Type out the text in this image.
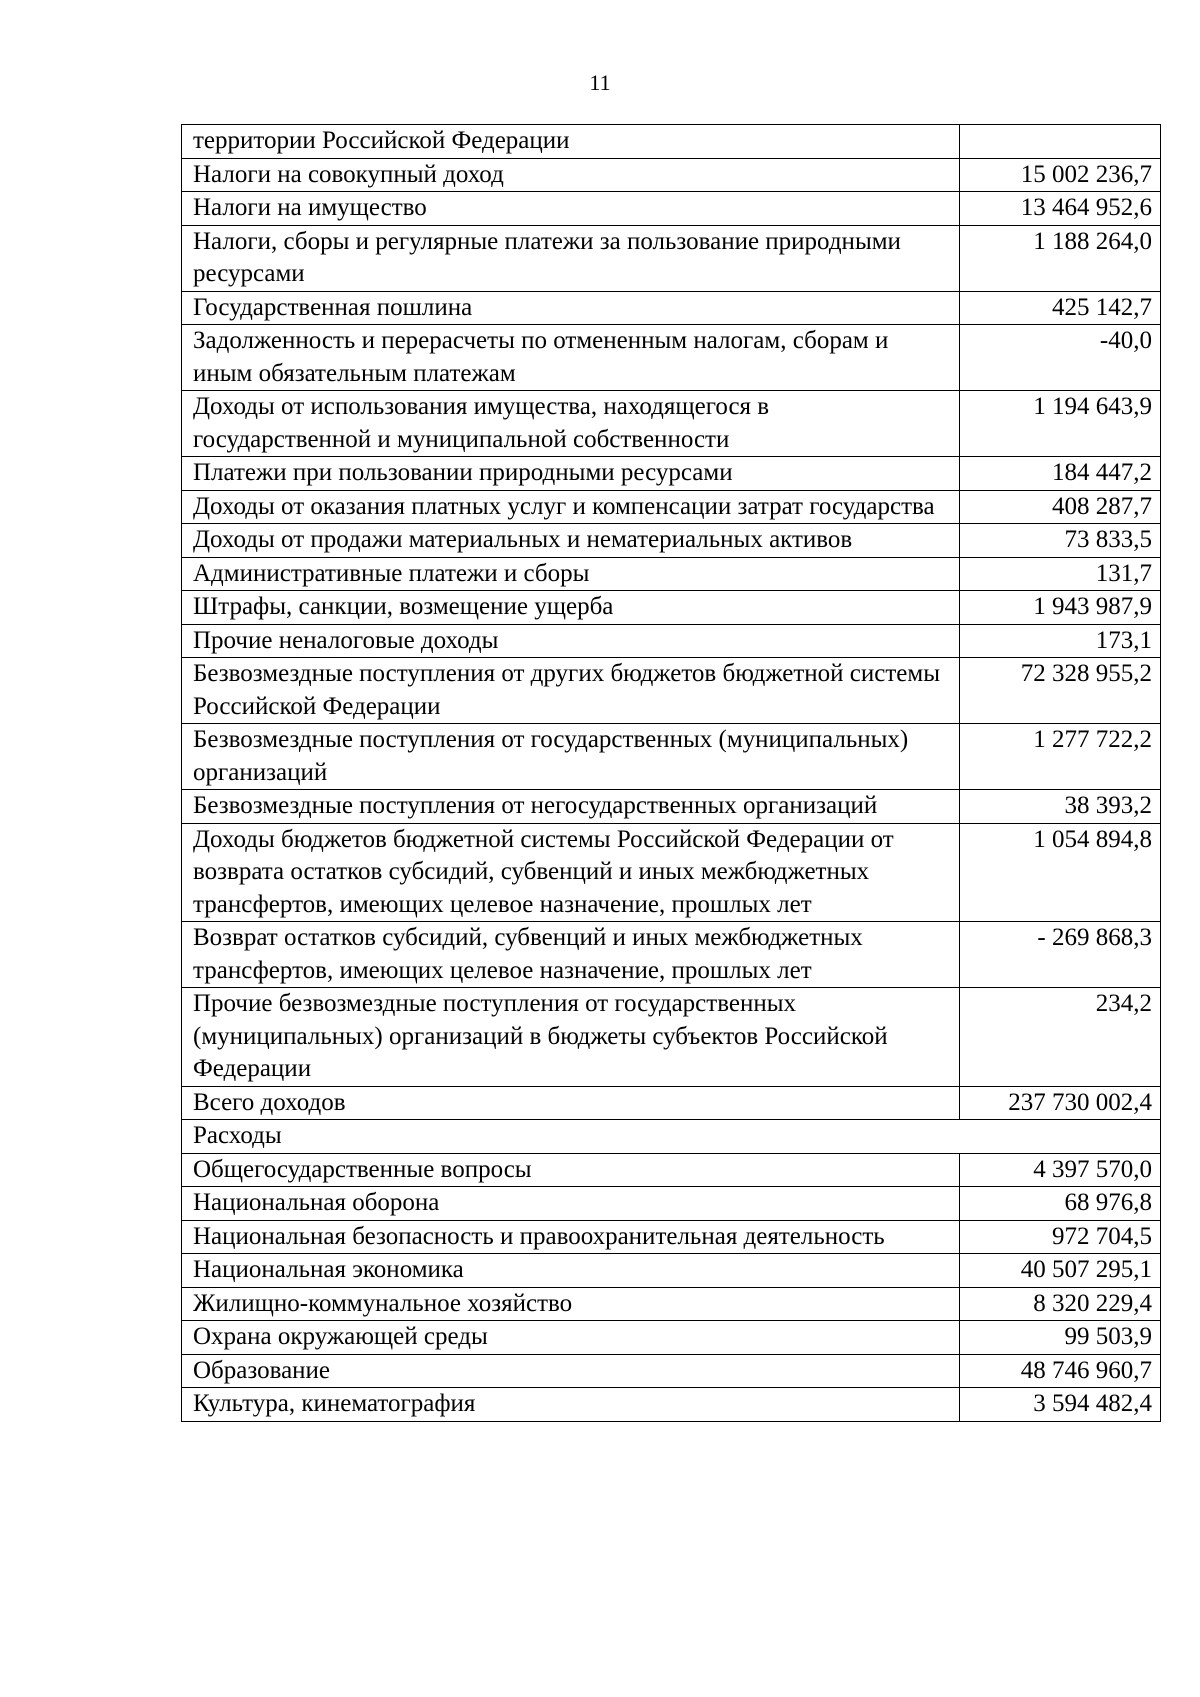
11
территории Российской Федерации	
Налоги на совокупный доход	15 002 236,7
Налоги на имущество	13 464 952,6
Налоги, сборы и регулярные платежи за пользование природными ресурсами	1 188 264,0
Государственная пошлина	425 142,7
Задолженность и перерасчеты по отмененным налогам, сборам и иным обязательным платежам	-40,0
Доходы от использования имущества, находящегося в государственной и муниципальной собственности	1 194 643,9
Платежи при пользовании природными ресурсами	184 447,2
Доходы от оказания платных услуг и компенсации затрат государства	408 287,7
Доходы от продажи материальных и нематериальных активов	73 833,5
Административные платежи и сборы	131,7
Штрафы, санкции, возмещение ущерба	1 943 987,9
Прочие неналоговые доходы	173,1
Безвозмездные поступления от других бюджетов бюджетной системы Российской Федерации	72 328 955,2
Безвозмездные поступления от государственных (муниципальных) организаций	1 277 722,2
Безвозмездные поступления от негосударственных организаций	38 393,2
Доходы бюджетов бюджетной системы Российской Федерации от возврата остатков субсидий, субвенций и иных межбюджетных трансфертов, имеющих целевое назначение, прошлых лет	1 054 894,8
Возврат остатков субсидий, субвенций и иных межбюджетных трансфертов, имеющих целевое назначение, прошлых лет	- 269 868,3
Прочие безвозмездные поступления от государственных (муниципальных) организаций в бюджеты субъектов Российской Федерации	234,2
Всего доходов	237 730 002,4
Расходы	
Общегосударственные вопросы	4 397 570,0
Национальная оборона	68 976,8
Национальная безопасность и правоохранительная деятельность	972 704,5
Национальная экономика	40 507 295,1
Жилищно-коммунальное хозяйство	8 320 229,4
Охрана окружающей среды	99 503,9
Образование	48 746 960,7
Культура, кинематография	3 594 482,4
